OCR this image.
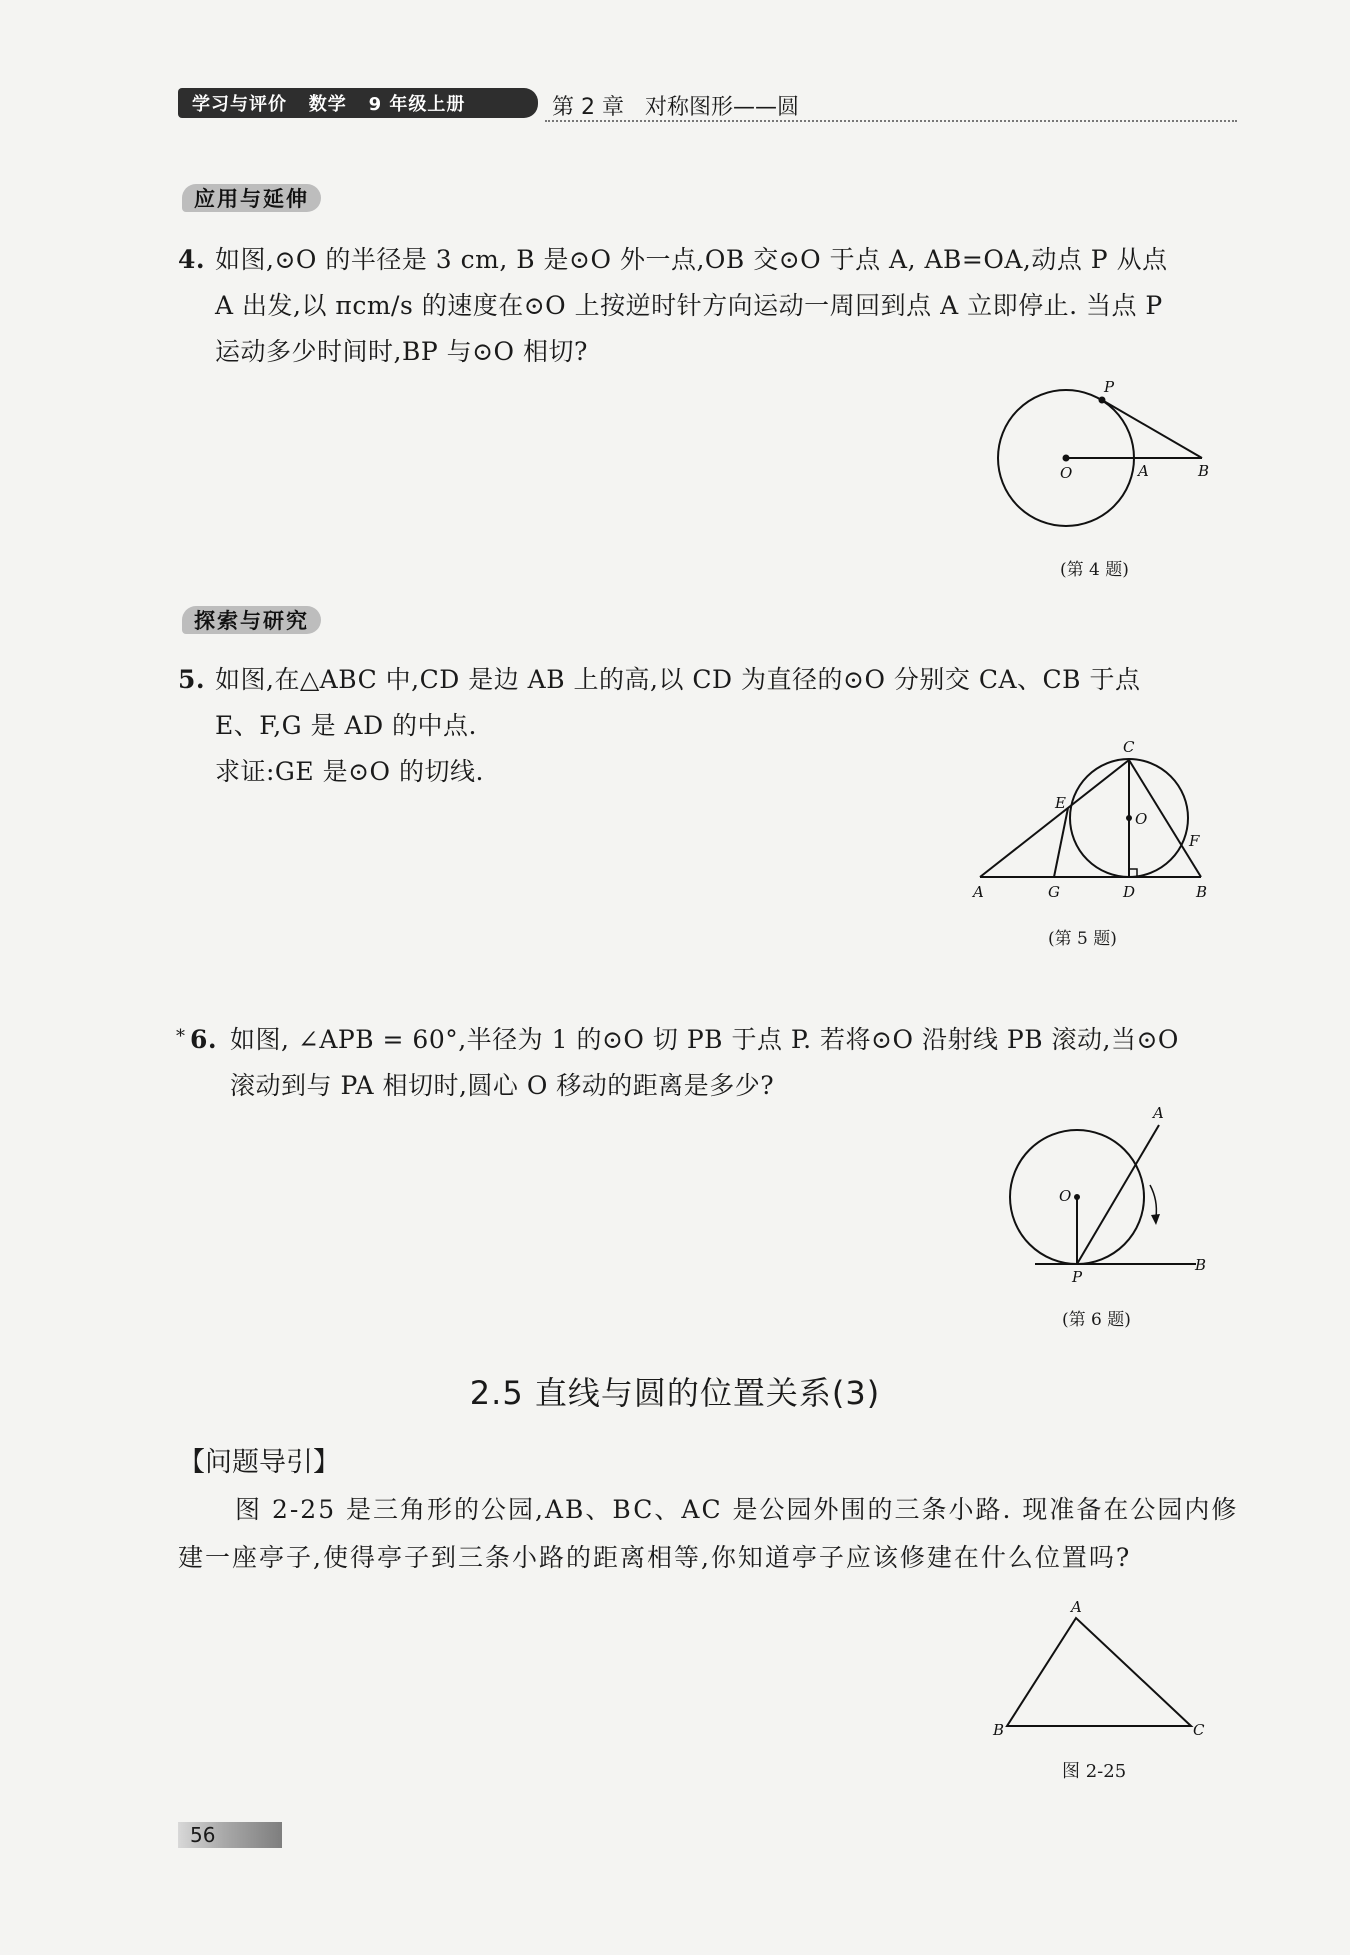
学习与评价   数学   9 年级上册	第 2 章   对称图形——圆
应用与延伸
4. 如图,⊙O 的半径是 3 cm, B 是⊙O 外一点,OB 交⊙O 于点 A, AB=OA,动点 P 从点
A 出发,以 πcm/s 的速度在⊙O 上按逆时针方向运动一周回到点 A 立即停止. 当点 P
运动多少时间时,BP 与⊙O 相切?
P
O	A	B
(第 4 题)
探索与研究
5. 如图,在△ABC 中,CD 是边 AB 上的高,以 CD 为直径的⊙O 分别交 CA、CB 于点
E、F,G 是 AD 的中点.
求证:GE 是⊙O 的切线.
C
E
O
F
A	G	D	B
(第 5 题)
* 6. 如图, ∠APB = 60°,半径为 1 的⊙O 切 PB 于点 P. 若将⊙O 沿射线 PB 滚动,当⊙O
滚动到与 PA 相切时,圆心 O 移动的距离是多少?
A
O
P
B
(第 6 题)
2.5 直线与圆的位置关系(3)
【问题导引】
图 2-25 是三角形的公园,AB、BC、AC 是公园外围的三条小路. 现准备在公园内修
建一座亭子,使得亭子到三条小路的距离相等,你知道亭子应该修建在什么位置吗?
A
B	C
图 2-25
56
